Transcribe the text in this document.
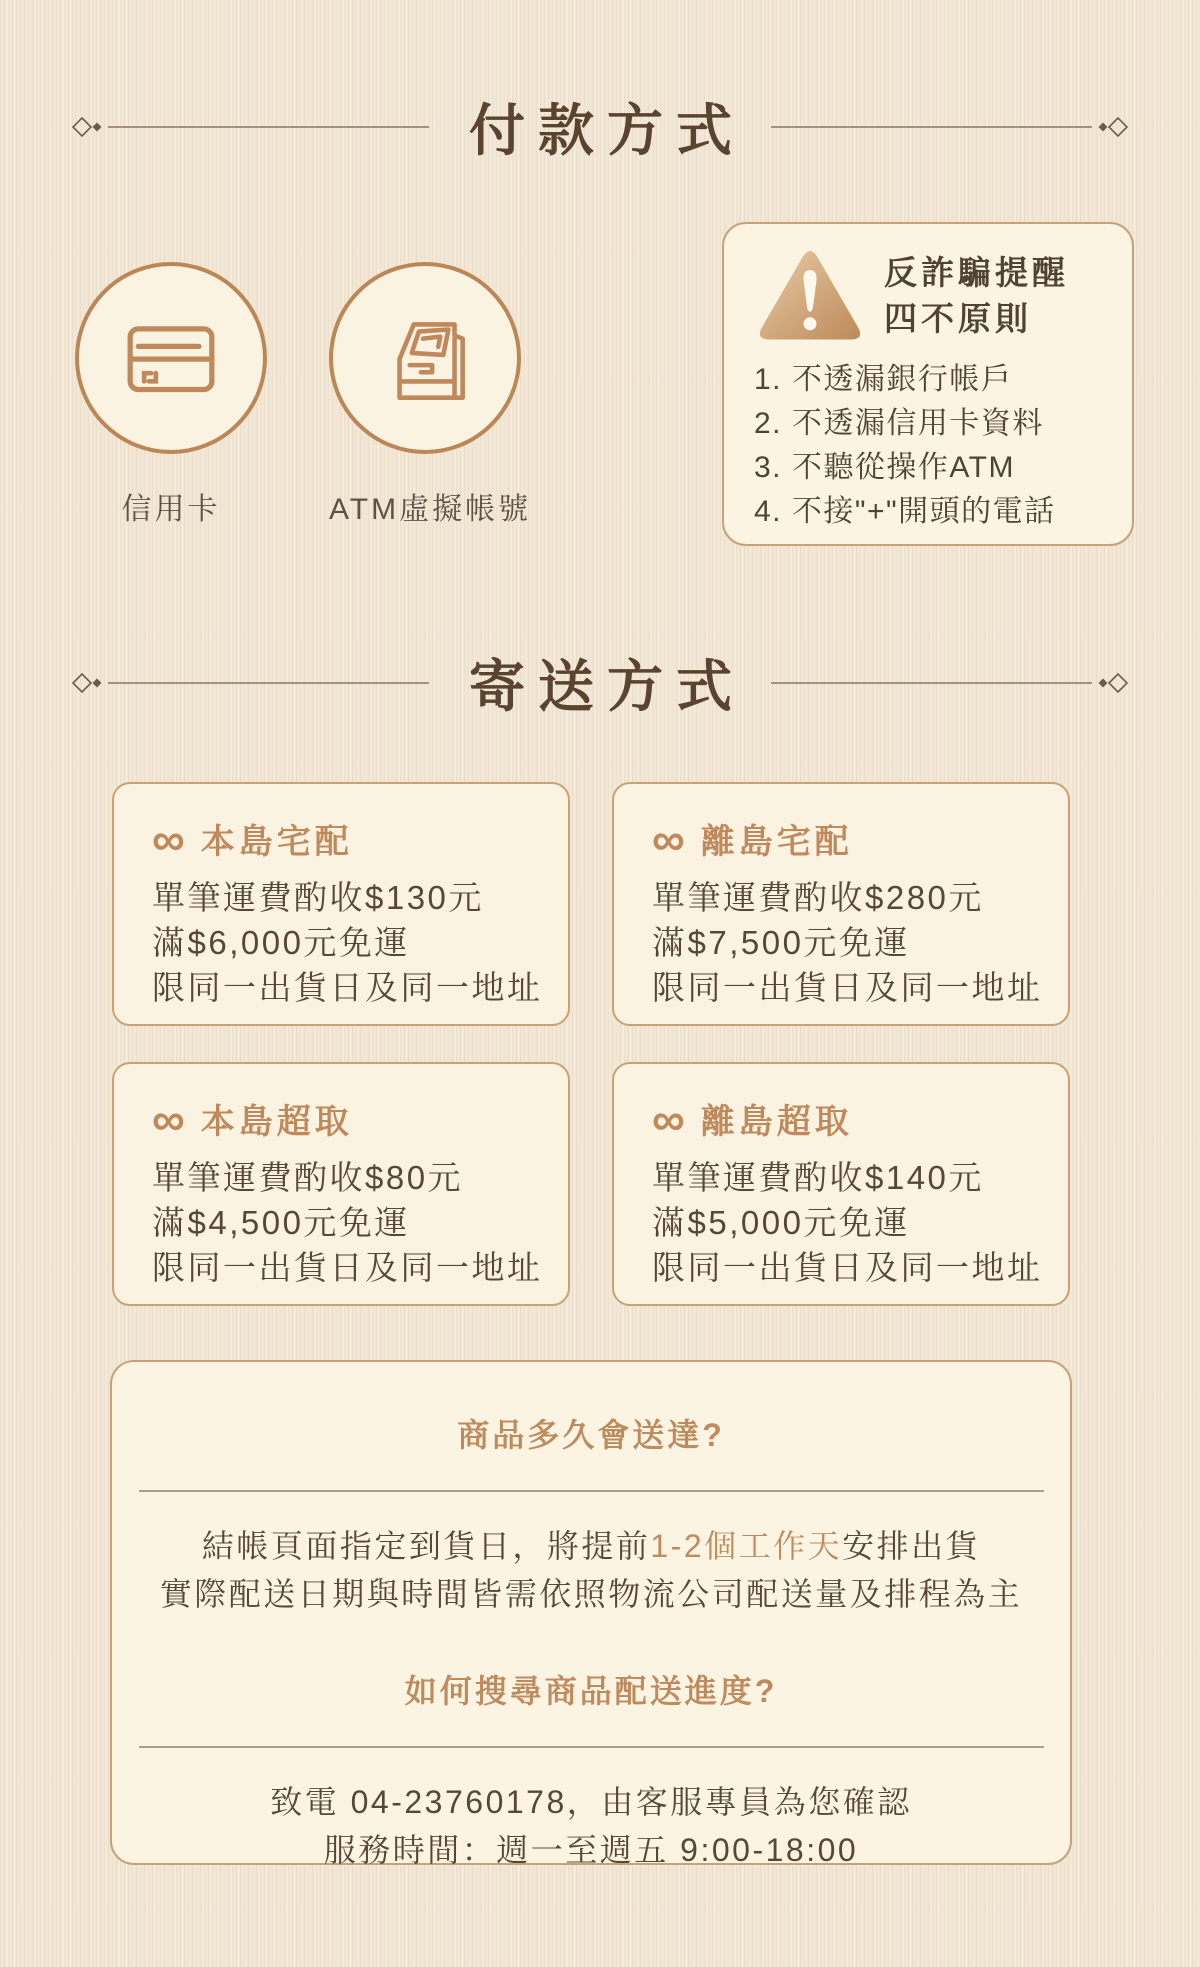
付款方式
信用卡	ATM虛擬帳號
反詐騙提醒
四不原則
1. 不透漏銀行帳戶
2. 不透漏信用卡資料
3. 不聽從操作ATM
4. 不接"+"開頭的電話
寄送方式
∞ 本島宅配
單筆運費酌收$130元
滿$6,000元免運
限同一出貨日及同一地址
∞ 離島宅配
單筆運費酌收$280元
滿$7,500元免運
限同一出貨日及同一地址
∞ 本島超取
單筆運費酌收$80元
滿$4,500元免運
限同一出貨日及同一地址
∞ 離島超取
單筆運費酌收$140元
滿$5,000元免運
限同一出貨日及同一地址

商品多久會送達?

結帳頁面指定到貨日，將提前1-2個工作天安排出貨

實際配送日期與時間皆需依照物流公司配送量及排程為主

如何搜尋商品配送進度?

致電 04-23760178，由客服專員為您確認

服務時間：週一至週五 9:00-18:00
